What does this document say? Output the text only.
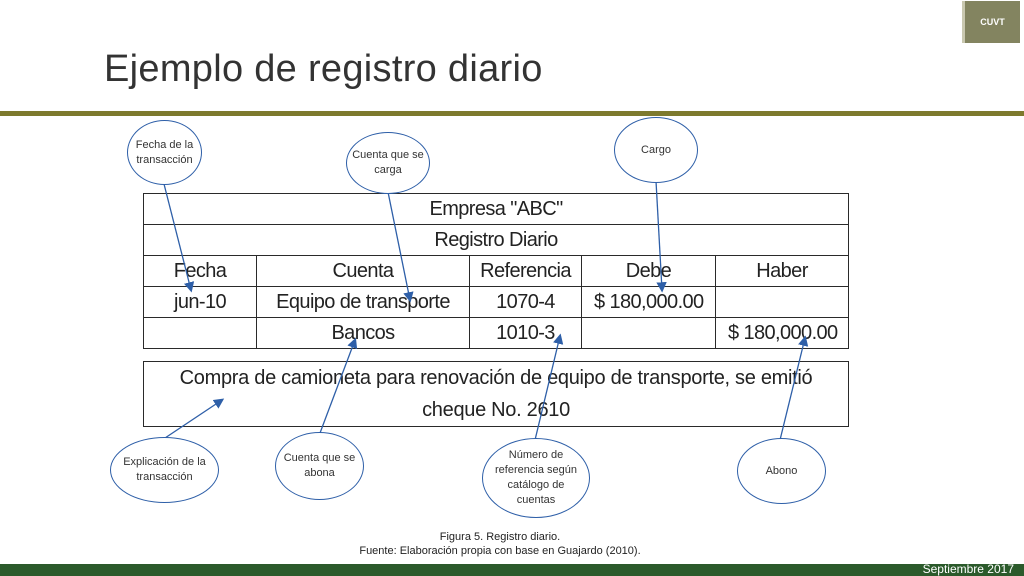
CUVT
Ejemplo de registro diario
Empresa "ABC"				
Registro Diario				
Fecha	Cuenta	Referencia	Debe	Haber
jun-10	Equipo de transporte	1070-4	$ 180,000.00	
	Bancos	1010-3		$ 180,000.00

Compra de camioneta para renovación de equipo de transporte, se emitió cheque No. 2610				
Fecha de la
transacción	Cuenta que se
carga
Cargo
Explicación de la
transacción
Cuenta que se
abona
Número de
referencia según
catálogo de
cuentas
Abono
Figura 5. Registro diario.
Fuente: Elaboración propia con base en Guajardo (2010).
Septiembre 2017
